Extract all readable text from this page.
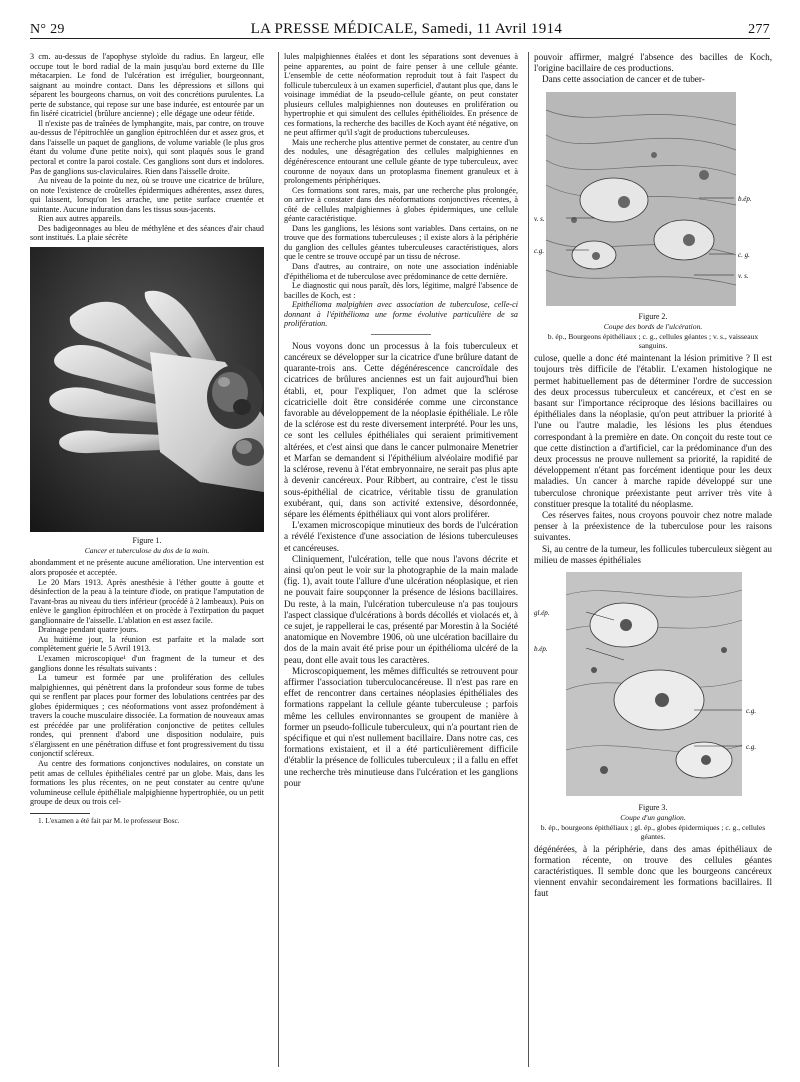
N° 29	LA PRESSE MÉDICALE, Samedi, 11 Avril 1914	277

3 cm. au-dessus de l'apophyse styloïde du radius. En largeur, elle occupe tout le bord radial de la main jusqu'au bord externe du IIIe métacarpien. Le fond de l'ulcération est irrégulier, bourgeonnant, saignant au moindre contact. Dans les dépressions et sillons qui séparent les bourgeons charnus, on voit des concrétions purulentes. La perte de substance, qui repose sur une base indurée, est entourée par un fin liséré cicatriciel (brûlure ancienne) ; elle dégage une odeur fétide.

Il n'existe pas de traînées de lymphangite, mais, par contre, on trouve au-dessus de l'épitrochlée un ganglion épitrochléen dur et assez gros, et dans l'aisselle un paquet de ganglions, de volume variable (le plus gros étant du volume d'une petite noix), qui sont plaqués sous le grand pectoral et contre la paroi costale. Ces ganglions sont durs et indolores. Pas de ganglions sus-claviculaires. Rien dans l'aisselle droite.

Au niveau de la pointe du nez, où se trouve une cicatrice de brûlure, on note l'existence de croûtelles épidermiques adhérentes, assez dures, qui laissent, lorsqu'on les arrache, une petite surface cruentée et suintante. Aucune induration dans les tissus sous-jacents.

Rien aux autres appareils.

Des badigeonnages au bleu de méthylène et des séances d'air chaud sont institués. La plaie sécrète

Figure 1.
Cancer et tuberculose du dos de la main.

abondamment et ne présente aucune amélioration. Une intervention est alors proposée et acceptée.

Le 20 Mars 1913. Après anesthésie à l'éther goutte à goutte et désinfection de la peau à la teinture d'iode, on pratique l'amputation de l'avant-bras au niveau du tiers inférieur (procédé à 2 lambeaux). Puis on enlève le ganglion épitrochléen et on procède à l'extirpation du paquet ganglionnaire de l'aisselle. L'ablation en est assez facile.

Drainage pendant quatre jours.

Au huitième jour, la réunion est parfaite et la malade sort complètement guérie le 5 Avril 1913.

L'examen microscopique¹ d'un fragment de la tumeur et des ganglions donne les résultats suivants :

La tumeur est formée par une prolifération des cellules malpighiennes, qui pénètrent dans la profondeur sous forme de tubes qui se renflent par places pour former des lobulations centrées par des globes épidermiques ; ces néoformations vont assez profondément à travers la couche musculaire dissociée. La formation de nouveaux amas est précédée par une prolifération conjonctive de petites cellules rondes, qui prennent d'abord une disposition nodulaire, puis s'élargissent en une pénétration diffuse et font progressivement du tissu conjonctif scléreux.

Au centre des formations conjonctives nodulaires, on constate un petit amas de cellules épithéliales centré par un globe. Mais, dans les formations les plus récentes, on ne peut constater au centre qu'une volumineuse cellule épithéliale malpighienne hypertrophiée, ou un petit groupe de deux ou trois cel-

1. L'examen a été fait par M. le professeur Bosc.

lules malpighiennes étalées et dont les séparations sont devenues à peine apparentes, au point de faire penser à une cellule géante. L'ensemble de cette néoformation reproduit tout à fait l'aspect du follicule tuberculeux à un examen superficiel, d'autant plus que, dans le voisinage immédiat de la pseudo-cellule géante, on peut constater plusieurs cellules malpighiennes non douteuses en prolifération ou hypertrophie et qui simulent des cellules épithélioïdes. En présence de ces formations, la recherche des bacilles de Koch ayant été négative, on ne peut affirmer qu'il s'agit de productions tuberculeuses.

Mais une recherche plus attentive permet de constater, au centre d'un des nodules, une désagrégation des cellules malpighiennes en dégénérescence entourant une cellule géante de type tuberculeux, avec couronne de noyaux dans un protoplasma finement granuleux et à prolongements périphériques.

Ces formations sont rares, mais, par une recherche plus prolongée, on arrive à constater dans des néoformations conjonctives récentes, à côté de cellules malpighiennes à globes épidermiques, une cellule géante caractéristique.

Dans les ganglions, les lésions sont variables. Dans certains, on ne trouve que des formations tuberculeuses ; il existe alors à la périphérie du ganglion des cellules géantes tuberculeuses caractéristiques, alors que le centre se trouve occupé par un tissu de nécrose.

Dans d'autres, au contraire, on note une association indéniable d'épithélioma et de tuberculose avec prédominance de cette dernière.

Le diagnostic qui nous paraît, dès lors, légitime, malgré l'absence de bacilles de Koch, est :

Epithélioma malpighien avec association de tuberculose, celle-ci donnant à l'épithélioma une forme évolutive particulière de sa prolifération.

Nous voyons donc un processus à la fois tuberculeux et cancéreux se développer sur la cicatrice d'une brûlure datant de quarante-trois ans. Cette dégénérescence cancroïdale des cicatrices de brûlures anciennes est un fait aujourd'hui bien établi, et, pour l'expliquer, l'on admet que la sclérose cicatricielle doit être considérée comme une circonstance favorable au développement de la néoplasie épithéliale. Le rôle de la sclérose est du reste diversement interprété. Pour les uns, ce sont les cellules épithéliales qui seraient primitivement altérées, et c'est ainsi que dans le cancer pulmonaire Menetrier et Marfan se demandent si l'épithélium alvéolaire modifié par la sclérose, revenu à l'état embryonnaire, ne serait pas plus apte à devenir cancéreux. Pour Ribbert, au contraire, c'est le tissu sous-épithélial de cicatrice, véritable tissu de granulation exubérant, qui, dans son activité extensive, désordonnée, sépare les éléments épithéliaux qui vont alors proliférer.

L'examen microscopique minutieux des bords de l'ulcération a révélé l'existence d'une association de lésions tuberculeuses et cancéreuses.

Cliniquement, l'ulcération, telle que nous l'avons décrite et ainsi qu'on peut le voir sur la photographie de la main malade (fig. 1), avait toute l'allure d'une ulcération néoplasique, et rien ne pouvait faire soupçonner la présence de lésions bacillaires. Du reste, à la main, l'ulcération tuberculeuse n'a pas toujours l'aspect classique d'ulcérations à bords décollés et violacés et, à ce sujet, je rappellerai le cas, présenté par Morestin à la Société anatomique en Novembre 1906, où une ulcération bacillaire du dos de la main avait été prise pour un épithélioma ulcéré de la peau, dont elle avait tous les caractères.

Microscopiquement, les mêmes difficultés se retrouvent pour affirmer l'association tuberculocancéreuse. Il n'est pas rare en effet de rencontrer dans certaines néoplasies épithéliales des formations rappelant la cellule géante tuberculeuse ; parfois même les cellules environnantes se groupent de manière à former un pseudo-follicule tuberculeux, qui n'a pourtant rien de spécifique et qui n'est nullement bacillaire. Dans notre cas, ces formations existaient, et il a été particulièrement difficile d'établir la présence de follicules tuberculeux ; il a fallu en effet une recherche très minutieuse dans l'ulcération et les ganglions pour

pouvoir affirmer, malgré l'absence des bacilles de Koch, l'origine bacillaire de ces productions.

Dans cette association de cancer et de tuber-

b.ép.
v. s.
c.g.	c. g.
v. s.
Figure 2.
Coupe des bords de l'ulcération.
b. ép., Bourgeons épithéliaux ; c. g., cellules géantes ; v. s., vaisseaux sanguins.

culose, quelle a donc été maintenant la lésion primitive ? Il est toujours très difficile de l'établir. L'examen histologique ne permet habituellement pas de déterminer l'ordre de succession des deux processus tuberculeux et cancéreux, et c'est en se basant sur l'importance réciproque des lésions bacillaires ou épithéliales dans la néoplasie, qu'on peut attribuer la priorité à l'une ou l'autre maladie, les lésions les plus étendues correspondant à la première en date. On conçoit du reste tout ce que cette distinction a d'artificiel, car la prédominance d'un des deux processus ne prouve nullement sa priorité, la rapidité de développement n'étant pas forcément identique pour les deux maladies. Un cancer à marche rapide développé sur une tuberculose chronique préexistante peut arriver très vite à constituer presque la totalité du néoplasme.

Ces réserves faites, nous croyons pouvoir chez notre malade penser à la préexistence de la tuberculose pour les raisons suivantes.

Si, au centre de la tumeur, les follicules tuberculeux siègent au milieu de masses épithéliales

gl.ép.
b.ép.
c.g.
c.g.
Figure 3.
Coupe d'un ganglion.
b. ép., bourgeons épithéliaux ; gl. ép., globes épidermiques ; c. g., cellules géantes.

dégénérées, à la périphérie, dans des amas épithéliaux de formation récente, on trouve des cellules géantes caractéristiques. Il semble donc que les bourgeons cancéreux viennent envahir secondairement les formations bacillaires. Il faut
